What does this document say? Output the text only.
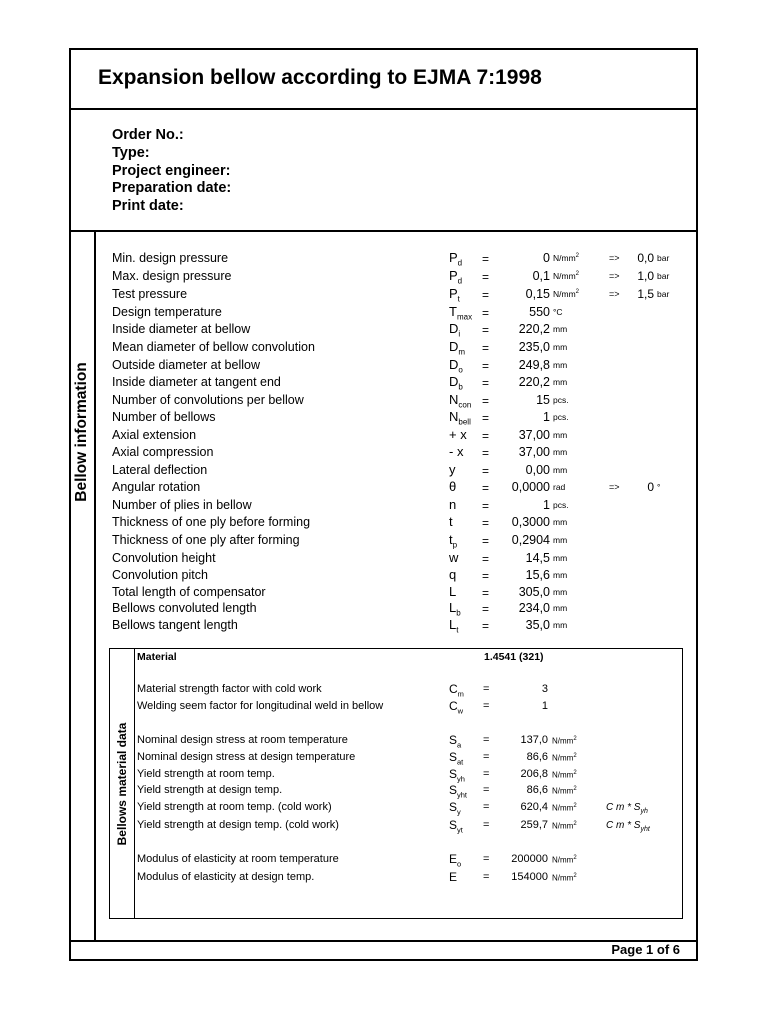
Expansion bellow according to EJMA 7:1998
Order No.:
Type:
Project engineer:
Preparation date:
Print date:
Bellow information
Min. design pressure	$P_d$ =	0 $N/mm^2$	=> 0,0 bar
Max. design pressure	$P_d$ =	0,1 $N/mm^2$	=> 1,0 bar
Test pressure	$P_t$ =	0,15 $N/mm^2$	=> 1,5 bar
Design temperature	$T_{max}$ =	550 °C
Inside diameter at bellow	$D_i = 220,2$ mm
Mean diameter of bellow convolution	$D_m = 235,0$ mm
Outside diameter at bellow	$D_o = 249,8$ mm
Inside diameter at tangent end	$D_b = 220,2$ mm
Number of convolutions per bellow	$N_{con}$ =	15 pcs.
Number of bellows	$N_{bell}$ =	1 pcs.
Axial extension	+ x = 37,00 mm
Axial compression	- x = 37,00 mm
Lateral deflection	y =	0,00 mm
Angular rotation	θ = 0,0000 rad	=> 0 °
Number of plies in bellow	n =	1 pcs.
Thickness of one ply before forming	t = 0,3000 mm
Thickness of one ply after forming	$t_p = 0,2904$ mm
Convolution height	w =	14,5 mm
Convolution pitch	q =	15,6 mm
Total length of compensator	L = 305,0 mm
Bellows convoluted length	$L_b = 234,0$ mm
Bellows tangent length	$L_t$ =	35,0 mm
Bellows material data
Material	1.4541 (321)
Material strength factor with cold work	$C_m$ =	3
Welding seem factor for longitudinal weld in bellow	$C_w$ =	1
Nominal design stress at room temperature	$S_a$ =	137,0 $N/mm^2$
Nominal design stress at design temperature	$S_{at}$ =	86,6 $N/mm^2$
Yield strength at room temp.	$S_{yh}$ =	206,8 $N/mm^2$
Yield strength at design temp.	$S_{yht}$ =	86,6 $N/mm^2$
Yield strength at room temp. (cold work)	$S_y$ =	620,4 $N/mm^2$	C m * $S_{yh}$
Yield strength at design temp. (cold work)	$S_{yt}$ =	259,7 $N/mm^2$	C m * $S_{yht}$
Modulus of elasticity at room temperature	$E_o = 200000$ $N/mm^2$
Modulus of elasticity at design temp.	E = 154000 $N/mm^2$
Page 1 of 6
